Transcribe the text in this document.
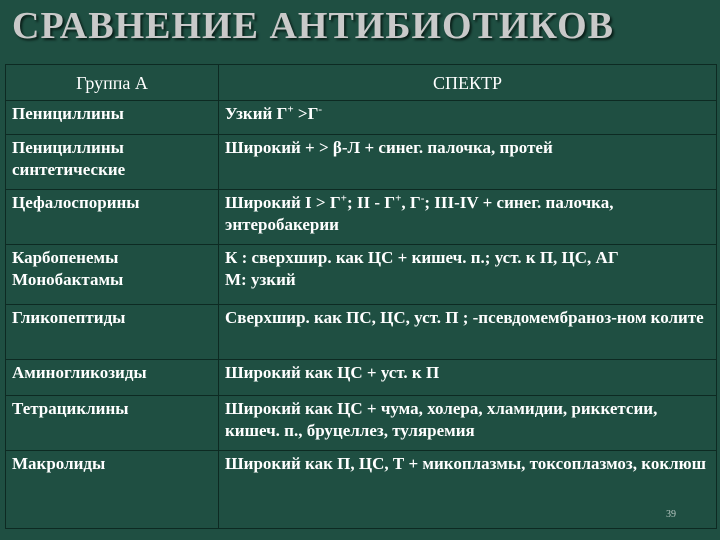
СРАВНЕНИЕ АНТИБИОТИКОВ
Группа А	СПЕКТР
Пенициллины	Узкий Г+ >Г-
Пенициллины
синтетические	Широкий + > β-Л + синег. палочка, протей
Цефалоспорины	Широкий I > Г+; II - Г+, Г-; III-IV + синег. палочка, энтеробакерии
Карбопенемы
Монобактамы	К : сверхшир. как ЦС + кишеч. п.; уст. к П, ЦС, АГ
М: узкий
Гликопептиды	Сверхшир. как ПС, ЦС, уст. П ; -псевдомембраноз-ном колите
Аминогликозиды	Широкий как ЦС + уст. к П
Тетрациклины	Широкий как ЦС + чума, холера, хламидии, риккетсии, кишеч. п., бруцеллез, туляремия
Макролиды	Широкий как П, ЦС, Т + микоплазмы, токсоплазмоз, коклюш
39
